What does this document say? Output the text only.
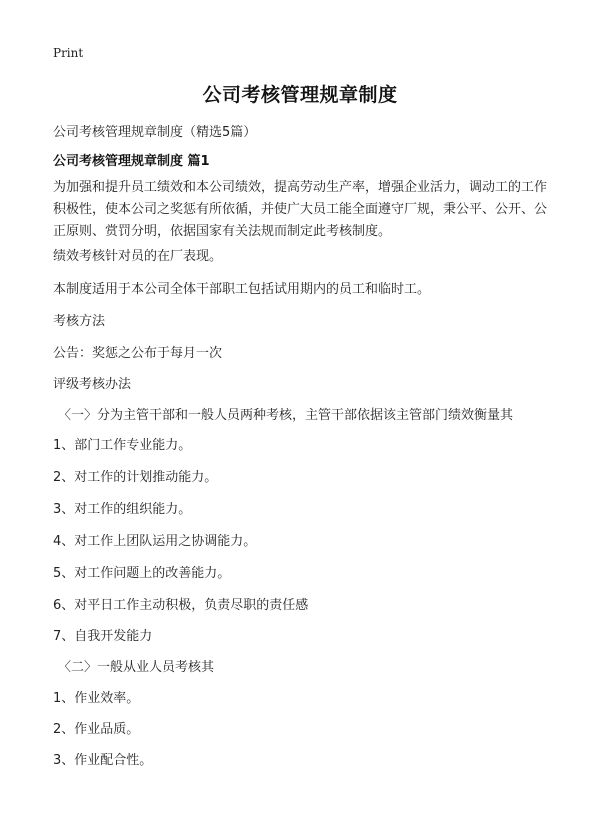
Print
公司考核管理规章制度
公司考核管理规章制度（精选5篇）
公司考核管理规章制度 篇1

为加强和提升员工绩效和本公司绩效，提高劳动生产率，增强企业活力，调动工的工作积极性，使本公司之奖惩有所依循，并使广大员工能全面遵守厂规，秉公平、公开、公正原则、赏罚分明，依据国家有关法规而制定此考核制度。

绩效考核针对员的在厂表现。

本制度适用于本公司全体干部职工包括试用期内的员工和临时工。

考核方法

公告：奖惩之公布于每月一次

评级考核办法

〈一〉分为主管干部和一般人员两种考核，主管干部依据该主管部门绩效衡量其

1、部门工作专业能力。

2、对工作的计划推动能力。

3、对工作的组织能力。

4、对工作上团队运用之协调能力。

5、对工作问题上的改善能力。

6、对平日工作主动积极，负责尽职的责任感

7、自我开发能力

〈二〉一般从业人员考核其

1、作业效率。

2、作业品质。

3、作业配合性。
